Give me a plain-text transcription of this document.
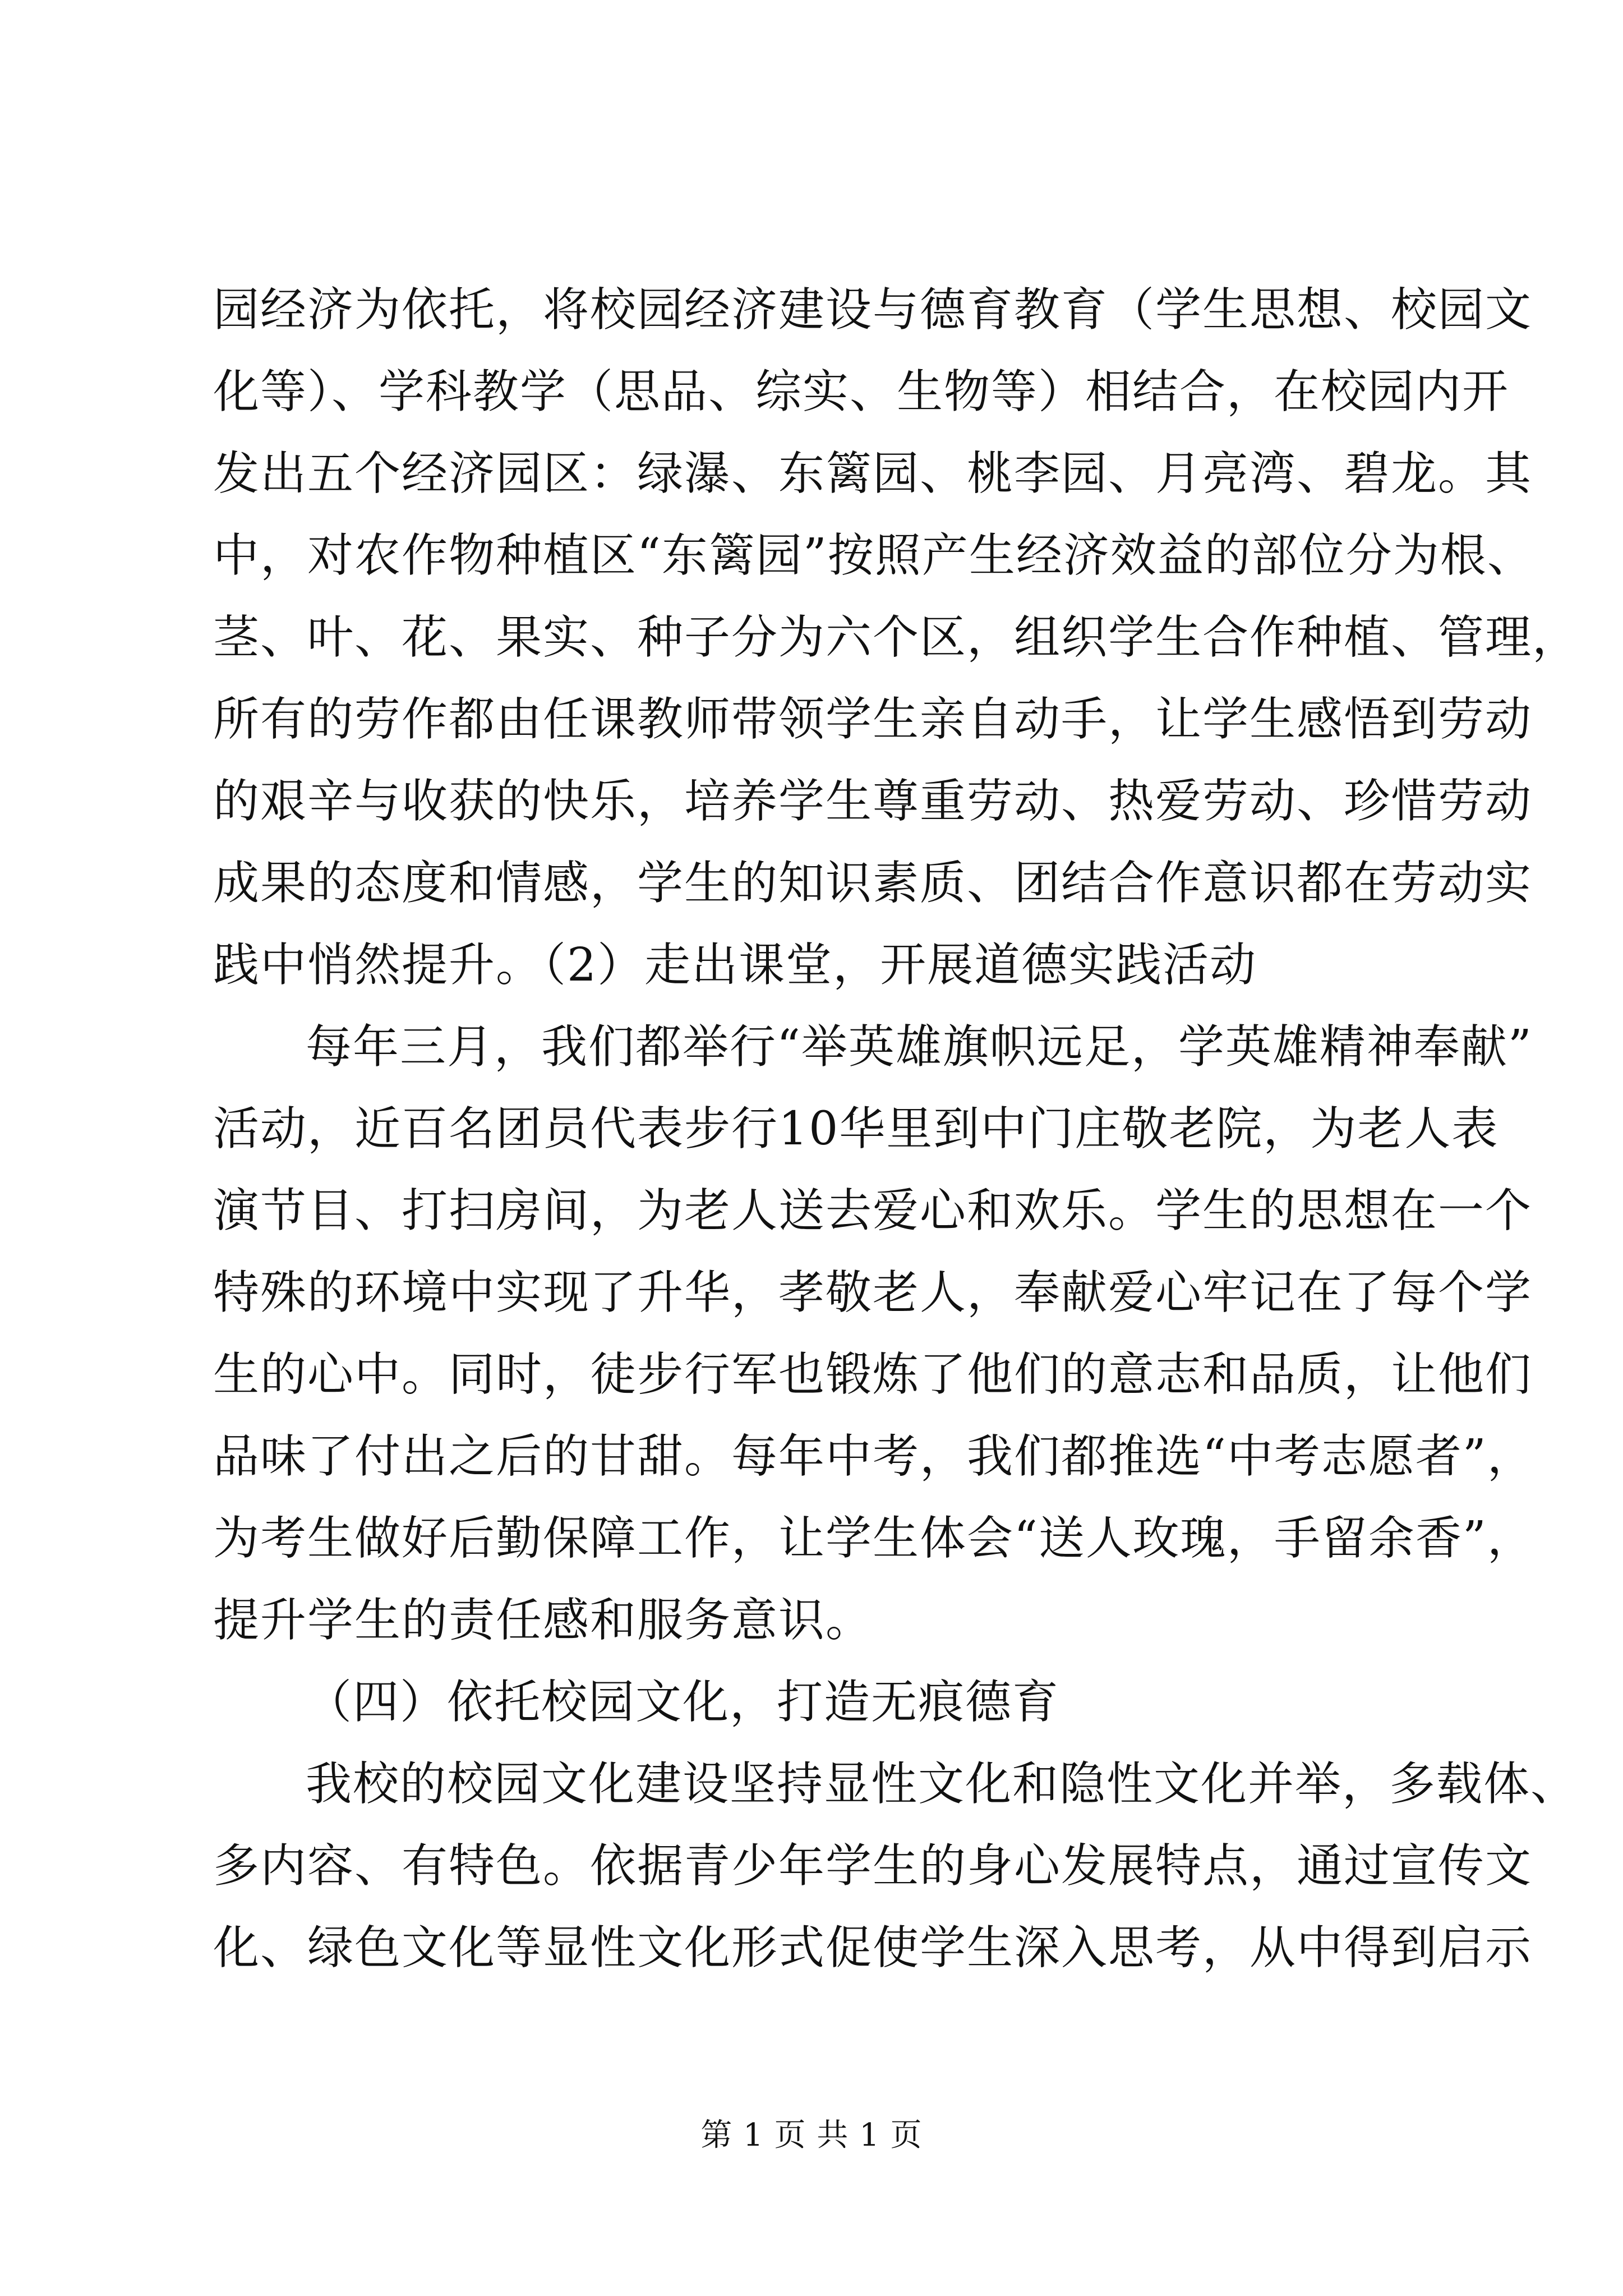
园经济为依托，将校园经济建设与德育教育（学生思想、校园文
化等）、学科教学（思品、综实、生物等）相结合，在校园内开
发出五个经济园区：绿瀑、东篱园、桃李园、月亮湾、碧龙。其
中，对农作物种植区“东篱园”按照产生经济效益的部位分为根、
茎、叶、花、果实、种子分为六个区，组织学生合作种植、管理，
所有的劳作都由任课教师带领学生亲自动手，让学生感悟到劳动
的艰辛与收获的快乐，培养学生尊重劳动、热爱劳动、珍惜劳动
成果的态度和情感，学生的知识素质、团结合作意识都在劳动实
践中悄然提升。（2）走出课堂，开展道德实践活动
每年三月，我们都举行“举英雄旗帜远足，学英雄精神奉献”
活动，近百名团员代表步行10华里到中门庄敬老院，为老人表
演节目、打扫房间，为老人送去爱心和欢乐。学生的思想在一个
特殊的环境中实现了升华，孝敬老人，奉献爱心牢记在了每个学
生的心中。同时，徒步行军也锻炼了他们的意志和品质，让他们
品味了付出之后的甘甜。每年中考，我们都推选“中考志愿者”，
为考生做好后勤保障工作，让学生体会“送人玫瑰，手留余香”，
提升学生的责任感和服务意识。
（四）依托校园文化，打造无痕德育
我校的校园文化建设坚持显性文化和隐性文化并举，多载体、
多内容、有特色。依据青少年学生的身心发展特点，通过宣传文
第 1 页 共 1 页
化、绿色文化等显性文化形式促使学生深入思考，从中得到启示
